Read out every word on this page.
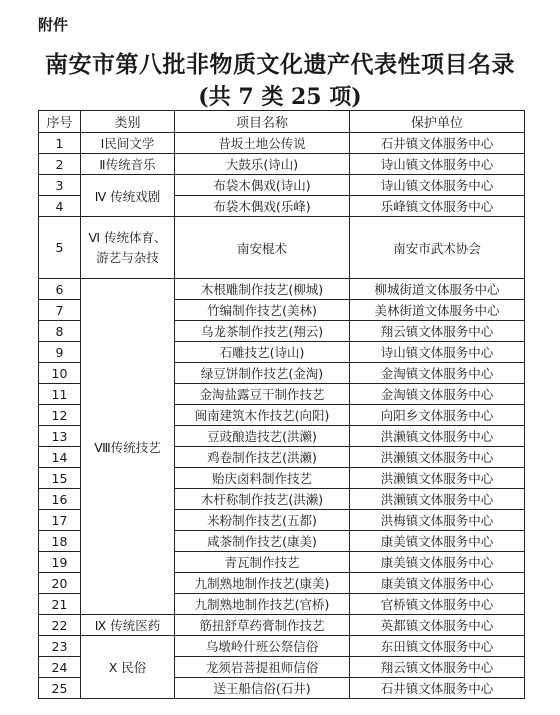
附件
南安市第八批非物质文化遗产代表性项目名录
(共 7 类 25 项)
序号	类别	项目名称	保护单位
1	Ⅰ民间文学	昔坂土地公传说	石井镇文体服务中心
2	Ⅱ传统音乐	大鼓乐(诗山)	诗山镇文体服务中心
3	Ⅳ 传统戏剧	布袋木偶戏(诗山)	诗山镇文体服务中心
4		布袋木偶戏(乐峰)	乐峰镇文体服务中心
5	Ⅵ 传统体育、游艺与杂技	南安棍术	南安市武术协会
6	Ⅷ传统技艺	木根雕制作技艺(柳城)	柳城街道文体服务中心
7		竹编制作技艺(美林)	美林街道文体服务中心
8		乌龙茶制作技艺(翔云)	翔云镇文体服务中心
9		石雕技艺(诗山)	诗山镇文体服务中心
10		绿豆饼制作技艺(金淘)	金淘镇文体服务中心
11		金淘盐露豆干制作技艺	金淘镇文体服务中心
12		闽南建筑木作技艺(向阳)	向阳乡文体服务中心
13		豆豉酿造技艺(洪濑)	洪濑镇文体服务中心
14		鸡卷制作技艺(洪濑)	洪濑镇文体服务中心
15		贻庆卤料制作技艺	洪濑镇文体服务中心
16		木杆称制作技艺(洪濑)	洪濑镇文体服务中心
17		米粉制作技艺(五都)	洪梅镇文体服务中心
18		咸茶制作技艺(康美)	康美镇文体服务中心
19		青瓦制作技艺	康美镇文体服务中心
20		九制熟地制作技艺(康美)	康美镇文体服务中心
21		九制熟地制作技艺(官桥)	官桥镇文体服务中心
22	Ⅸ 传统医药	筋扭舒草药膏制作技艺	英都镇文体服务中心
23	Ⅹ 民俗	乌墩岭什班公祭信俗	东田镇文体服务中心
24		龙须岩菩提祖师信俗	翔云镇文体服务中心
25		送王船信俗(石井)	石井镇文体服务中心
